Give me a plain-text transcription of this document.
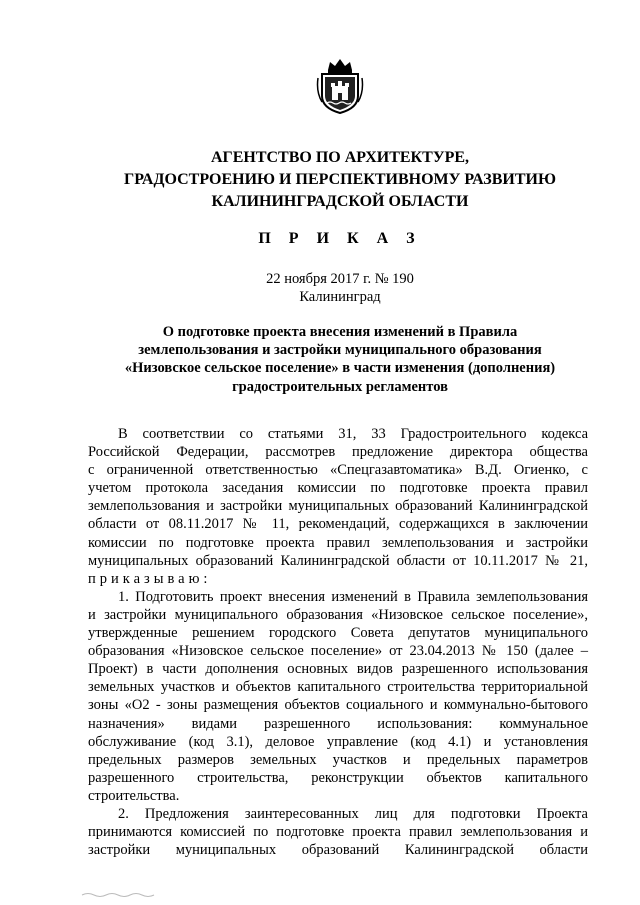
АГЕНТСТВО ПО АРХИТЕКТУРЕ,
ГРАДОСТРОЕНИЮ И ПЕРСПЕКТИВНОМУ РАЗВИТИЮ
КАЛИНИНГРАДСКОЙ ОБЛАСТИ
П Р И К А З
22 ноября 2017 г. № 190
Калининград
О подготовке проекта внесения изменений в Правила
землепользования и застройки муниципального образования
«Низовское сельское поселение» в части изменения (дополнения)
градостроительных регламентов
В соответствии со статьями 31, 33 Градостроительного кодекса
Российской Федерации, рассмотрев предложение директора общества
с ограниченной ответственностью «Спецгазавтоматика» В.Д. Огиенко, с
учетом протокола заседания комиссии по подготовке проекта правил
землепользования и застройки муниципальных образований Калининградской
области от 08.11.2017 № 11, рекомендаций, содержащихся в заключении
комиссии по подготовке проекта правил землепользования и застройки
муниципальных образований Калининградской области от 10.11.2017 № 21,
приказываю:
1. Подготовить проект внесения изменений в Правила землепользования
и застройки муниципального образования «Низовское сельское поселение»,
утвержденные решением городского Совета депутатов муниципального
образования «Низовское сельское поселение» от 23.04.2013 № 150 (далее –
Проект) в части дополнения основных видов разрешенного использования
земельных участков и объектов капитального строительства территориальной
зоны «О2 - зоны размещения объектов социального и коммунально-бытового
назначения» видами разрешенного использования: коммунальное
обслуживание (код 3.1), деловое управление (код 4.1) и установления
предельных размеров земельных участков и предельных параметров
разрешенного строительства, реконструкции объектов капитального
строительства.
2. Предложения заинтересованных лиц для подготовки Проекта
принимаются комиссией по подготовке проекта правил землепользования и
застройки муниципальных образований Калининградской области
